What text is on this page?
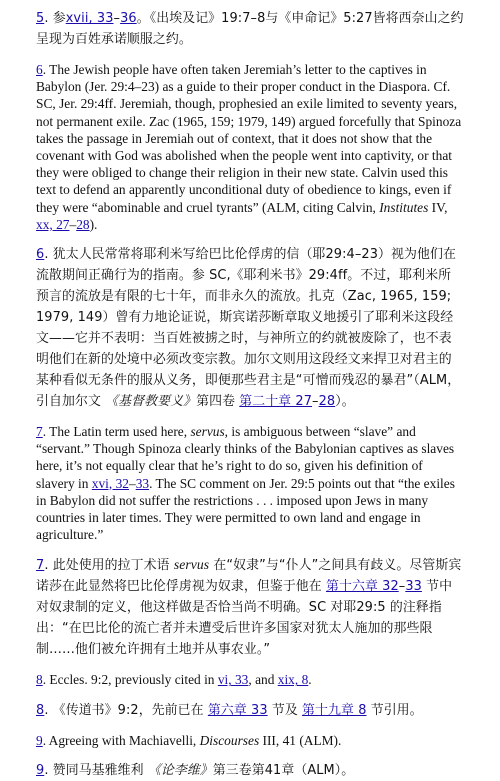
5. 参xvii, 33–36。《出埃及记》19:7–8与《申命记》5:27皆将西奈山之约呈现为百姓承诺顺服之约。

6. The Jewish people have often taken Jeremiah’s letter to the captives in Babylon (Jer. 29:4–23) as a guide to their proper conduct in the Diaspora. Cf. SC, Jer. 29:4ff. Jeremiah, though, prophesied an exile limited to seventy years, not permanent exile. Zac (1965, 159; 1979, 149) argued forcefully that Spinoza takes the passage in Jeremiah out of context, that it does not show that the covenant with God was abolished when the people went into captivity, or that they were obliged to change their religion in their new state. Calvin used this text to defend an apparently unconditional duty of obedience to kings, even if they were “abominable and cruel tyrants” (ALM, citing Calvin, Institutes IV, xx, 27–28).

6. 犹太人民常常将耶利米写给巴比伦俘虏的信（耶29:4–23）视为他们在流散期间正确行为的指南。参 SC,《耶利米书》29:4ff。不过，耶利米所预言的流放是有限的七十年，而非永久的流放。扎克（Zac, 1965, 159; 1979, 149）曾有力地论证说，斯宾诺莎断章取义地援引了耶利米这段经文——它并不表明：当百姓被掳之时，与神所立的约就被废除了，也不表明他们在新的处境中必须改变宗教。加尔文则用这段经文来捍卫对君主的某种看似无条件的服从义务，即便那些君主是“可憎而残忍的暴君”（ALM，引自加尔文 《基督教要义》第四卷 第二十章 27–28）。

7. The Latin term used here, servus, is ambiguous between “slave” and “servant.” Though Spinoza clearly thinks of the Babylonian captives as slaves here, it’s not equally clear that he’s right to do so, given his definition of slavery in xvi, 32–33. The SC comment on Jer. 29:5 points out that “the exiles in Babylon did not suffer the restrictions . . . imposed upon Jews in many countries in later times. They were permitted to own land and engage in agriculture.”

7. 此处使用的拉丁术语 servus 在“奴隶”与“仆人”之间具有歧义。尽管斯宾诺莎在此显然将巴比伦俘虏视为奴隶，但鉴于他在 第十六章 32–33 节中对奴隶制的定义，他这样做是否恰当尚不明确。SC 对耶29:5 的注释指出：“在巴比伦的流亡者并未遭受后世许多国家对犹太人施加的那些限制……他们被允许拥有土地并从事农业。”

8. Eccles. 9:2, previously cited in vi, 33, and xix, 8.

8. 《传道书》9:2，先前已在 第六章 33 节及 第十九章 8 节引用。

9. Agreeing with Machiavelli, Discourses III, 41 (ALM).

9. 赞同马基雅维利 《论李维》第三卷第41章（ALM）。
